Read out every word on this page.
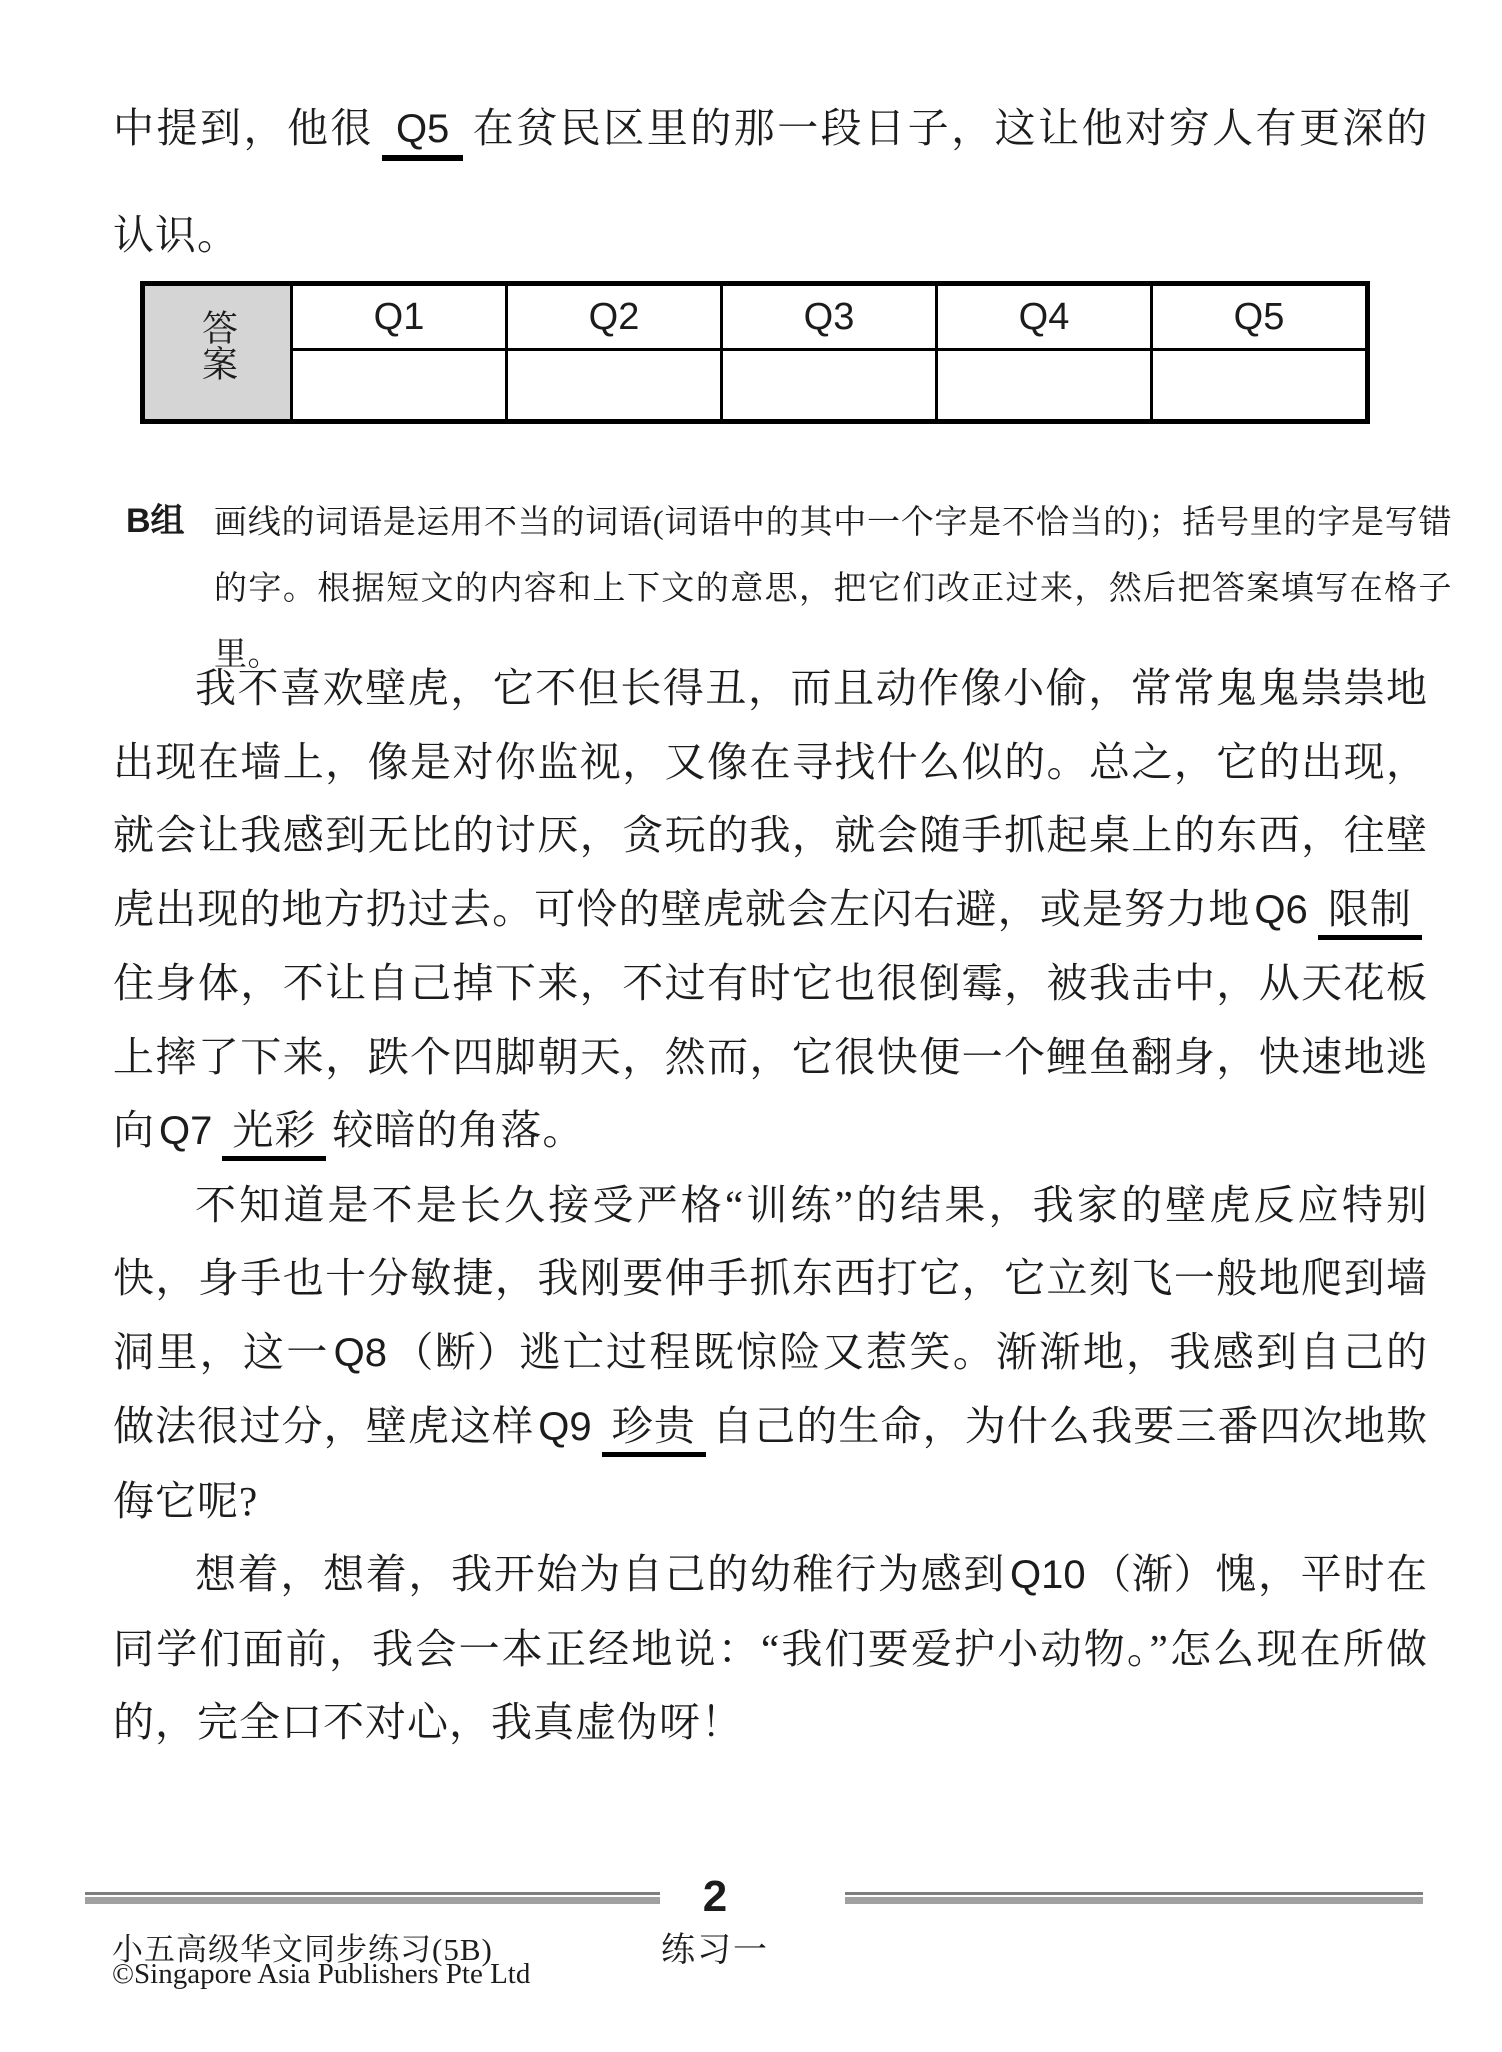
中提到，他很 Q5 在贫民区里的那一段日子，这让他对穷人有更深的认识。
答案	Q1	Q2	Q3	Q4	Q5

B组 画线的词语是运用不当的词语(词语中的其中一个字是不恰当的)；括号里的字是写错的字。根据短文的内容和上下文的意思，把它们改正过来，然后把答案填写在格子里。

我不喜欢壁虎，它不但长得丑，而且动作像小偷，常常鬼鬼祟祟地出现在墙上，像是对你监视，又像在寻找什么似的。总之，它的出现，就会让我感到无比的讨厌，贪玩的我，就会随手抓起桌上的东西，往壁虎出现的地方扔过去。可怜的壁虎就会左闪右避，或是努力地 Q6 限制住身体，不让自己掉下来，不过有时它也很倒霉，被我击中，从天花板上摔了下来，跌个四脚朝天，然而，它很快便一个鲤鱼翻身，快速地逃向 Q7 光彩 较暗的角落。

不知道是不是长久接受严格“训练”的结果，我家的壁虎反应特别快，身手也十分敏捷，我刚要伸手抓东西打它，它立刻飞一般地爬到墙洞里，这一 Q8（断）逃亡过程既惊险又惹笑。渐渐地，我感到自己的做法很过分，壁虎这样 Q9 珍贵 自己的生命，为什么我要三番四次地欺侮它呢?

想着，想着，我开始为自己的幼稚行为感到 Q10（渐）愧，平时在同学们面前，我会一本正经地说：“我们要爱护小动物。”怎么现在所做的，完全口不对心，我真虚伪呀！

2
练习一
小五高级华文同步练习(5B)
©Singapore Asia Publishers Pte Ltd
